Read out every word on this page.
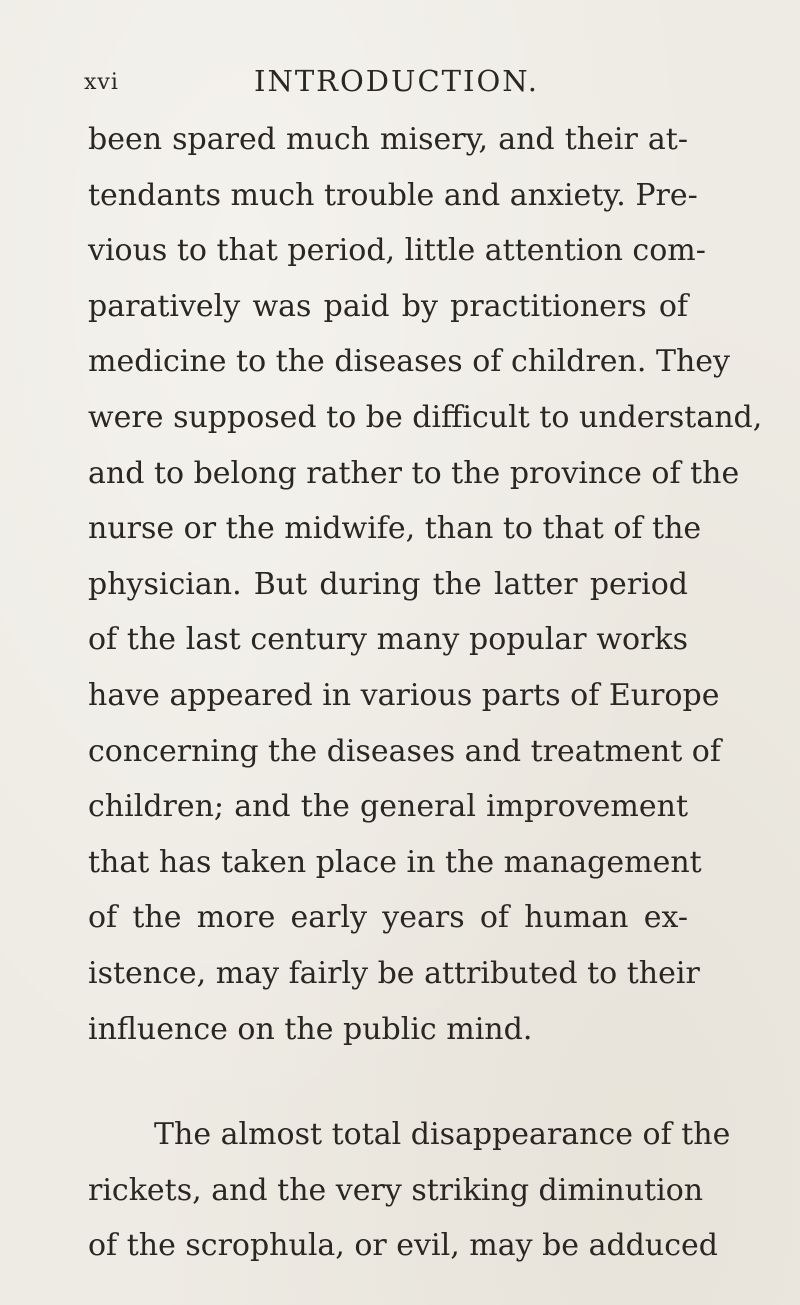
xvi	INTRODUCTION.
been spared much misery, and their at-
tendants much trouble and anxiety. Pre-
vious to that period, little attention com-
paratively was paid by practitioners of
medicine to the diseases of children. They
were supposed to be difficult to understand,
and to belong rather to the province of the
nurse or the midwife, than to that of the
physician. But during the latter period
of the last century many popular works
have appeared in various parts of Europe
concerning the diseases and treatment of
children; and the general improvement
that has taken place in the management
of the more early years of human ex-
istence, may fairly be attributed to their
influence on the public mind.
The almost total disappearance of the
rickets, and the very striking diminution
of the scrophula, or evil, may be adduced
